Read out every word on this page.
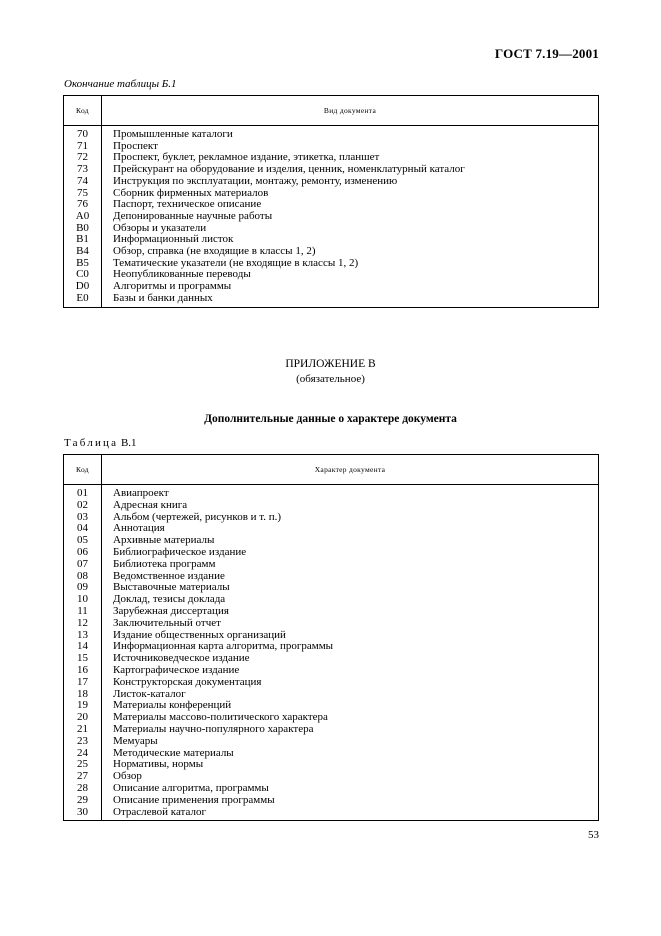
ГОСТ 7.19—2001
Окончание таблицы Б.1
Код	Вид документа
70	Промышленные каталоги
71	Проспект
72	Проспект, буклет, рекламное издание, этикетка, планшет
73	Прейскурант на оборудование и изделия, ценник, номенклатурный каталог
74	Инструкция по эксплуатации, монтажу, ремонту, изменению
75	Сборник фирменных материалов
76	Паспорт, техническое описание
A0	Депонированные научные работы
B0	Обзоры и указатели
B1	Информационный листок
B4	Обзор, справка (не входящие в классы 1, 2)
B5	Тематические указатели (не входящие в классы 1, 2)
C0	Неопубликованные переводы
D0	Алгоритмы и программы
E0	Базы и банки данных
ПРИЛОЖЕНИЕ В
(обязательное)
Дополнительные данные о характере документа
Таблица В.1
Код	Характер документа
01	Авиапроект
02	Адресная книга
03	Альбом (чертежей, рисунков и т. п.)
04	Аннотация
05	Архивные материалы
06	Библиографическое издание
07	Библиотека программ
08	Ведомственное издание
09	Выставочные материалы
10	Доклад, тезисы доклада
11	Зарубежная диссертация
12	Заключительный отчет
13	Издание общественных организаций
14	Информационная карта алгоритма, программы
15	Источниковедческое издание
16	Картографическое издание
17	Конструкторская документация
18	Листок-каталог
19	Материалы конференций
20	Материалы массово-политического характера
21	Материалы научно-популярного характера
23	Мемуары
24	Методические материалы
25	Нормативы, нормы
27	Обзор
28	Описание алгоритма, программы
29	Описание применения программы
30	Отраслевой каталог
53
